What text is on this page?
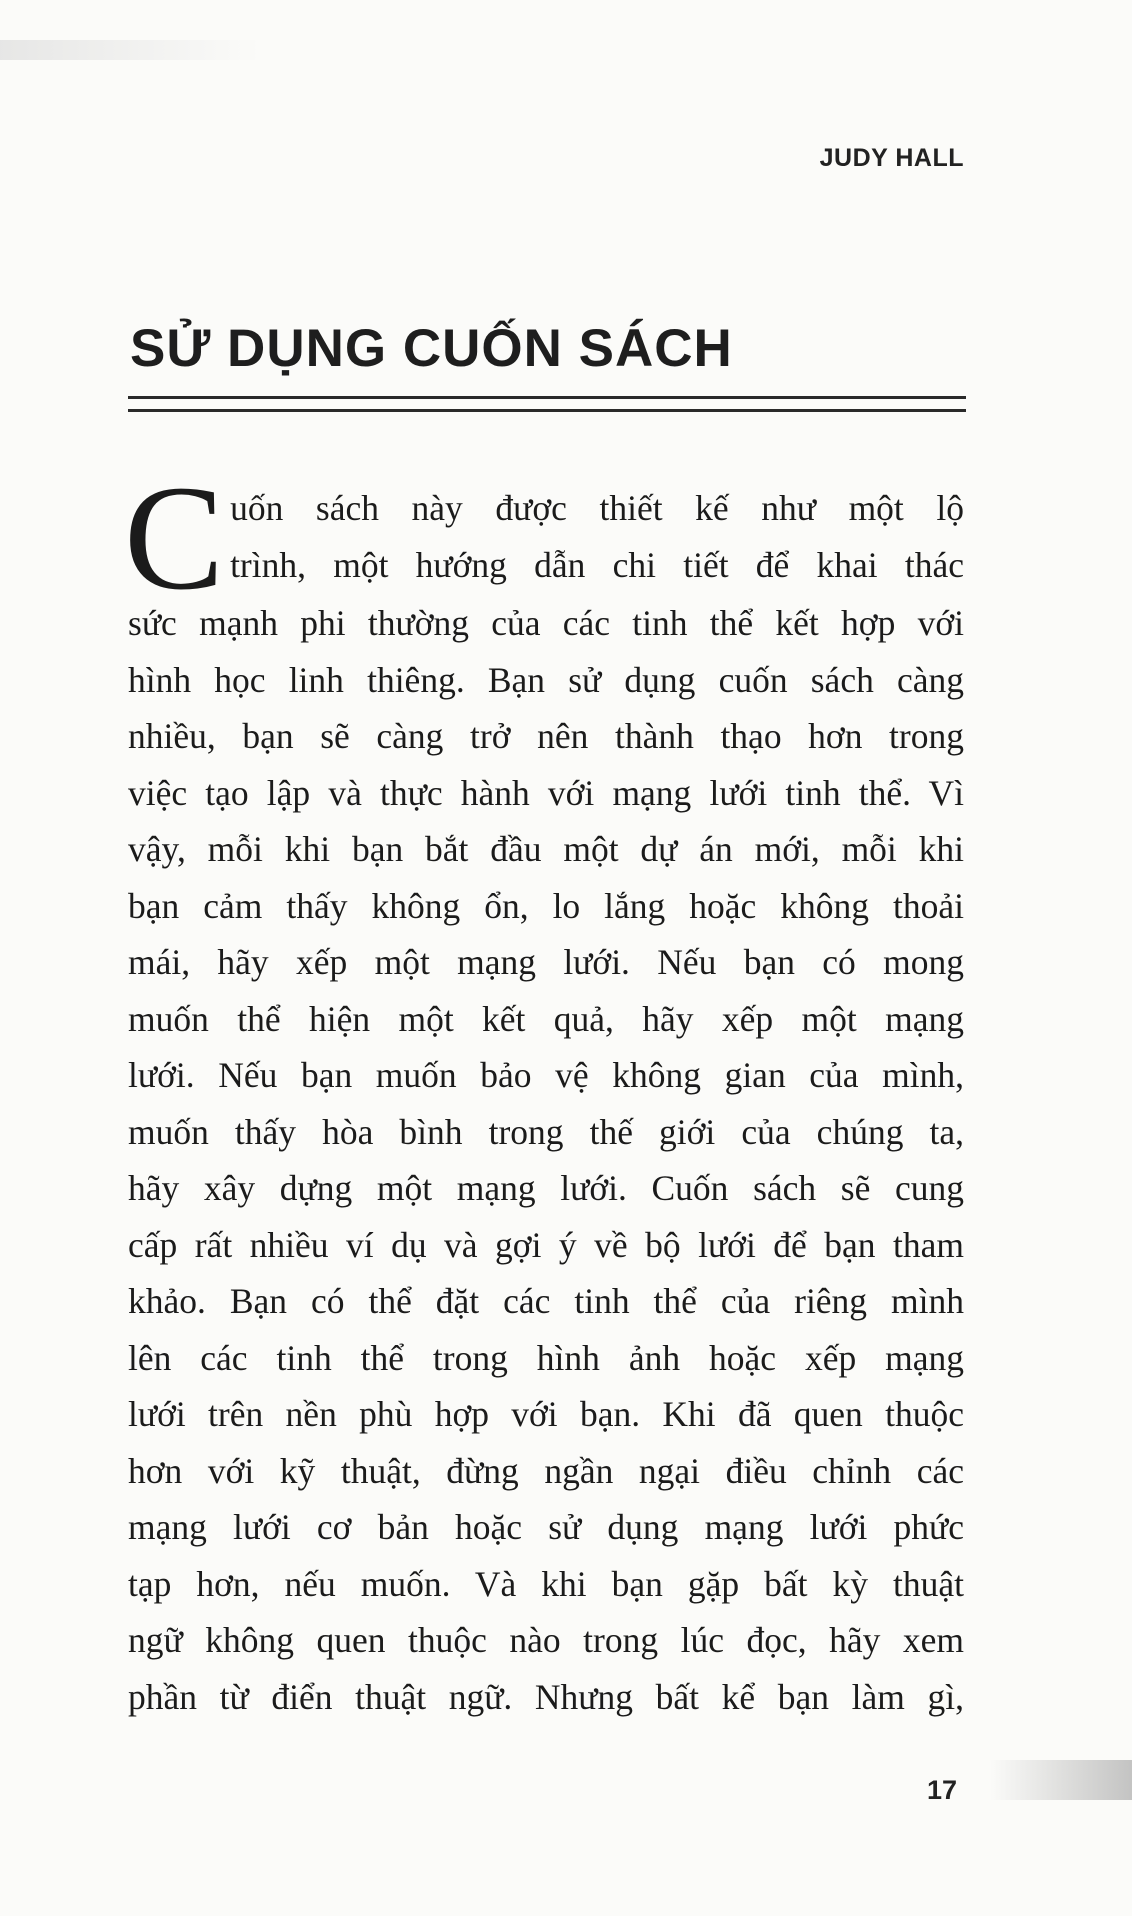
JUDY HALL
SỬ DỤNG CUỐN SÁCH
C uốn sách này được thiết kế như một lộ
trình, một hướng dẫn chi tiết để khai thác
sức mạnh phi thường của các tinh thể kết hợp với
hình học linh thiêng. Bạn sử dụng cuốn sách càng
nhiều, bạn sẽ càng trở nên thành thạo hơn trong
việc tạo lập và thực hành với mạng lưới tinh thể. Vì
vậy, mỗi khi bạn bắt đầu một dự án mới, mỗi khi
bạn cảm thấy không ổn, lo lắng hoặc không thoải
mái, hãy xếp một mạng lưới. Nếu bạn có mong
muốn thể hiện một kết quả, hãy xếp một mạng
lưới. Nếu bạn muốn bảo vệ không gian của mình,
muốn thấy hòa bình trong thế giới của chúng ta,
hãy xây dựng một mạng lưới. Cuốn sách sẽ cung
cấp rất nhiều ví dụ và gợi ý về bộ lưới để bạn tham
khảo. Bạn có thể đặt các tinh thể của riêng mình
lên các tinh thể trong hình ảnh hoặc xếp mạng
lưới trên nền phù hợp với bạn. Khi đã quen thuộc
hơn với kỹ thuật, đừng ngần ngại điều chỉnh các
mạng lưới cơ bản hoặc sử dụng mạng lưới phức
tạp hơn, nếu muốn. Và khi bạn gặp bất kỳ thuật
ngữ không quen thuộc nào trong lúc đọc, hãy xem
phần từ điển thuật ngữ. Nhưng bất kể bạn làm gì,
17
